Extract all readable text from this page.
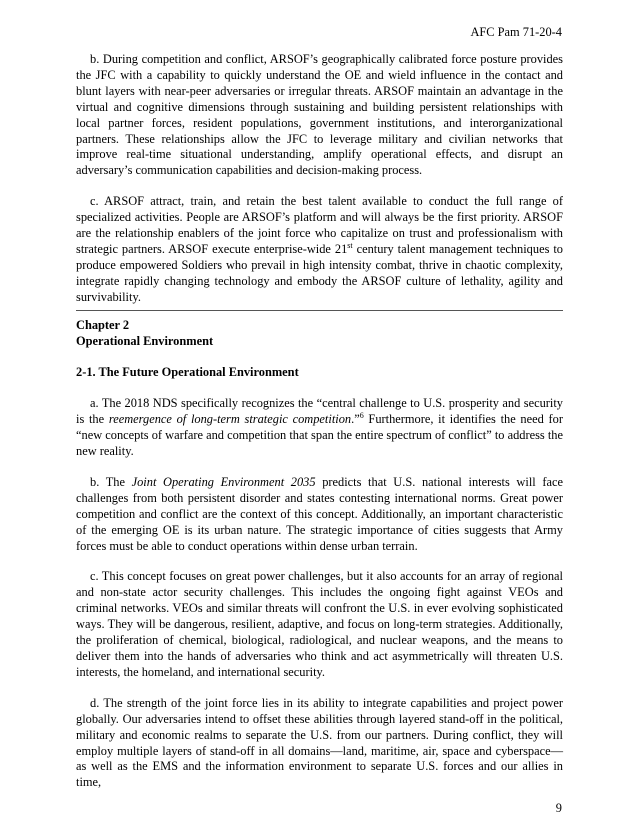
AFC Pam 71-20-4

b. During competition and conflict, ARSOF’s geographically calibrated force posture provides the JFC with a capability to quickly understand the OE and wield influence in the contact and blunt layers with near-peer adversaries or irregular threats. ARSOF maintain an advantage in the virtual and cognitive dimensions through sustaining and building persistent relationships with local partner forces, resident populations, government institutions, and interorganizational partners. These relationships allow the JFC to leverage military and civilian networks that improve real-time situational understanding, amplify operational effects, and disrupt an adversary’s communication capabilities and decision-making process.

c. ARSOF attract, train, and retain the best talent available to conduct the full range of specialized activities. People are ARSOF’s platform and will always be the first priority. ARSOF are the relationship enablers of the joint force who capitalize on trust and professionalism with strategic partners. ARSOF execute enterprise-wide 21st century talent management techniques to produce empowered Soldiers who prevail in high intensity combat, thrive in chaotic complexity, integrate rapidly changing technology and embody the ARSOF culture of lethality, agility and survivability.

Chapter 2
Operational Environment
2-1. The Future Operational Environment

a. The 2018 NDS specifically recognizes the “central challenge to U.S. prosperity and security is the reemergence of long-term strategic competition.”$^6$ Furthermore, it identifies the need for “new concepts of warfare and competition that span the entire spectrum of conflict” to address the new reality.

b. The Joint Operating Environment 2035 predicts that U.S. national interests will face challenges from both persistent disorder and states contesting international norms. Great power competition and conflict are the context of this concept. Additionally, an important characteristic of the emerging OE is its urban nature. The strategic importance of cities suggests that Army forces must be able to conduct operations within dense urban terrain.

c. This concept focuses on great power challenges, but it also accounts for an array of regional and non-state actor security challenges. This includes the ongoing fight against VEOs and criminal networks. VEOs and similar threats will confront the U.S. in ever evolving sophisticated ways. They will be dangerous, resilient, adaptive, and focus on long-term strategies. Additionally, the proliferation of chemical, biological, radiological, and nuclear weapons, and the means to deliver them into the hands of adversaries who think and act asymmetrically will threaten U.S. interests, the homeland, and international security.

d. The strength of the joint force lies in its ability to integrate capabilities and project power globally. Our adversaries intend to offset these abilities through layered stand-off in the political, military and economic realms to separate the U.S. from our partners. During conflict, they will employ multiple layers of stand-off in all domains—land, maritime, air, space and cyberspace—as well as the EMS and the information environment to separate U.S. forces and our allies in time,

9
